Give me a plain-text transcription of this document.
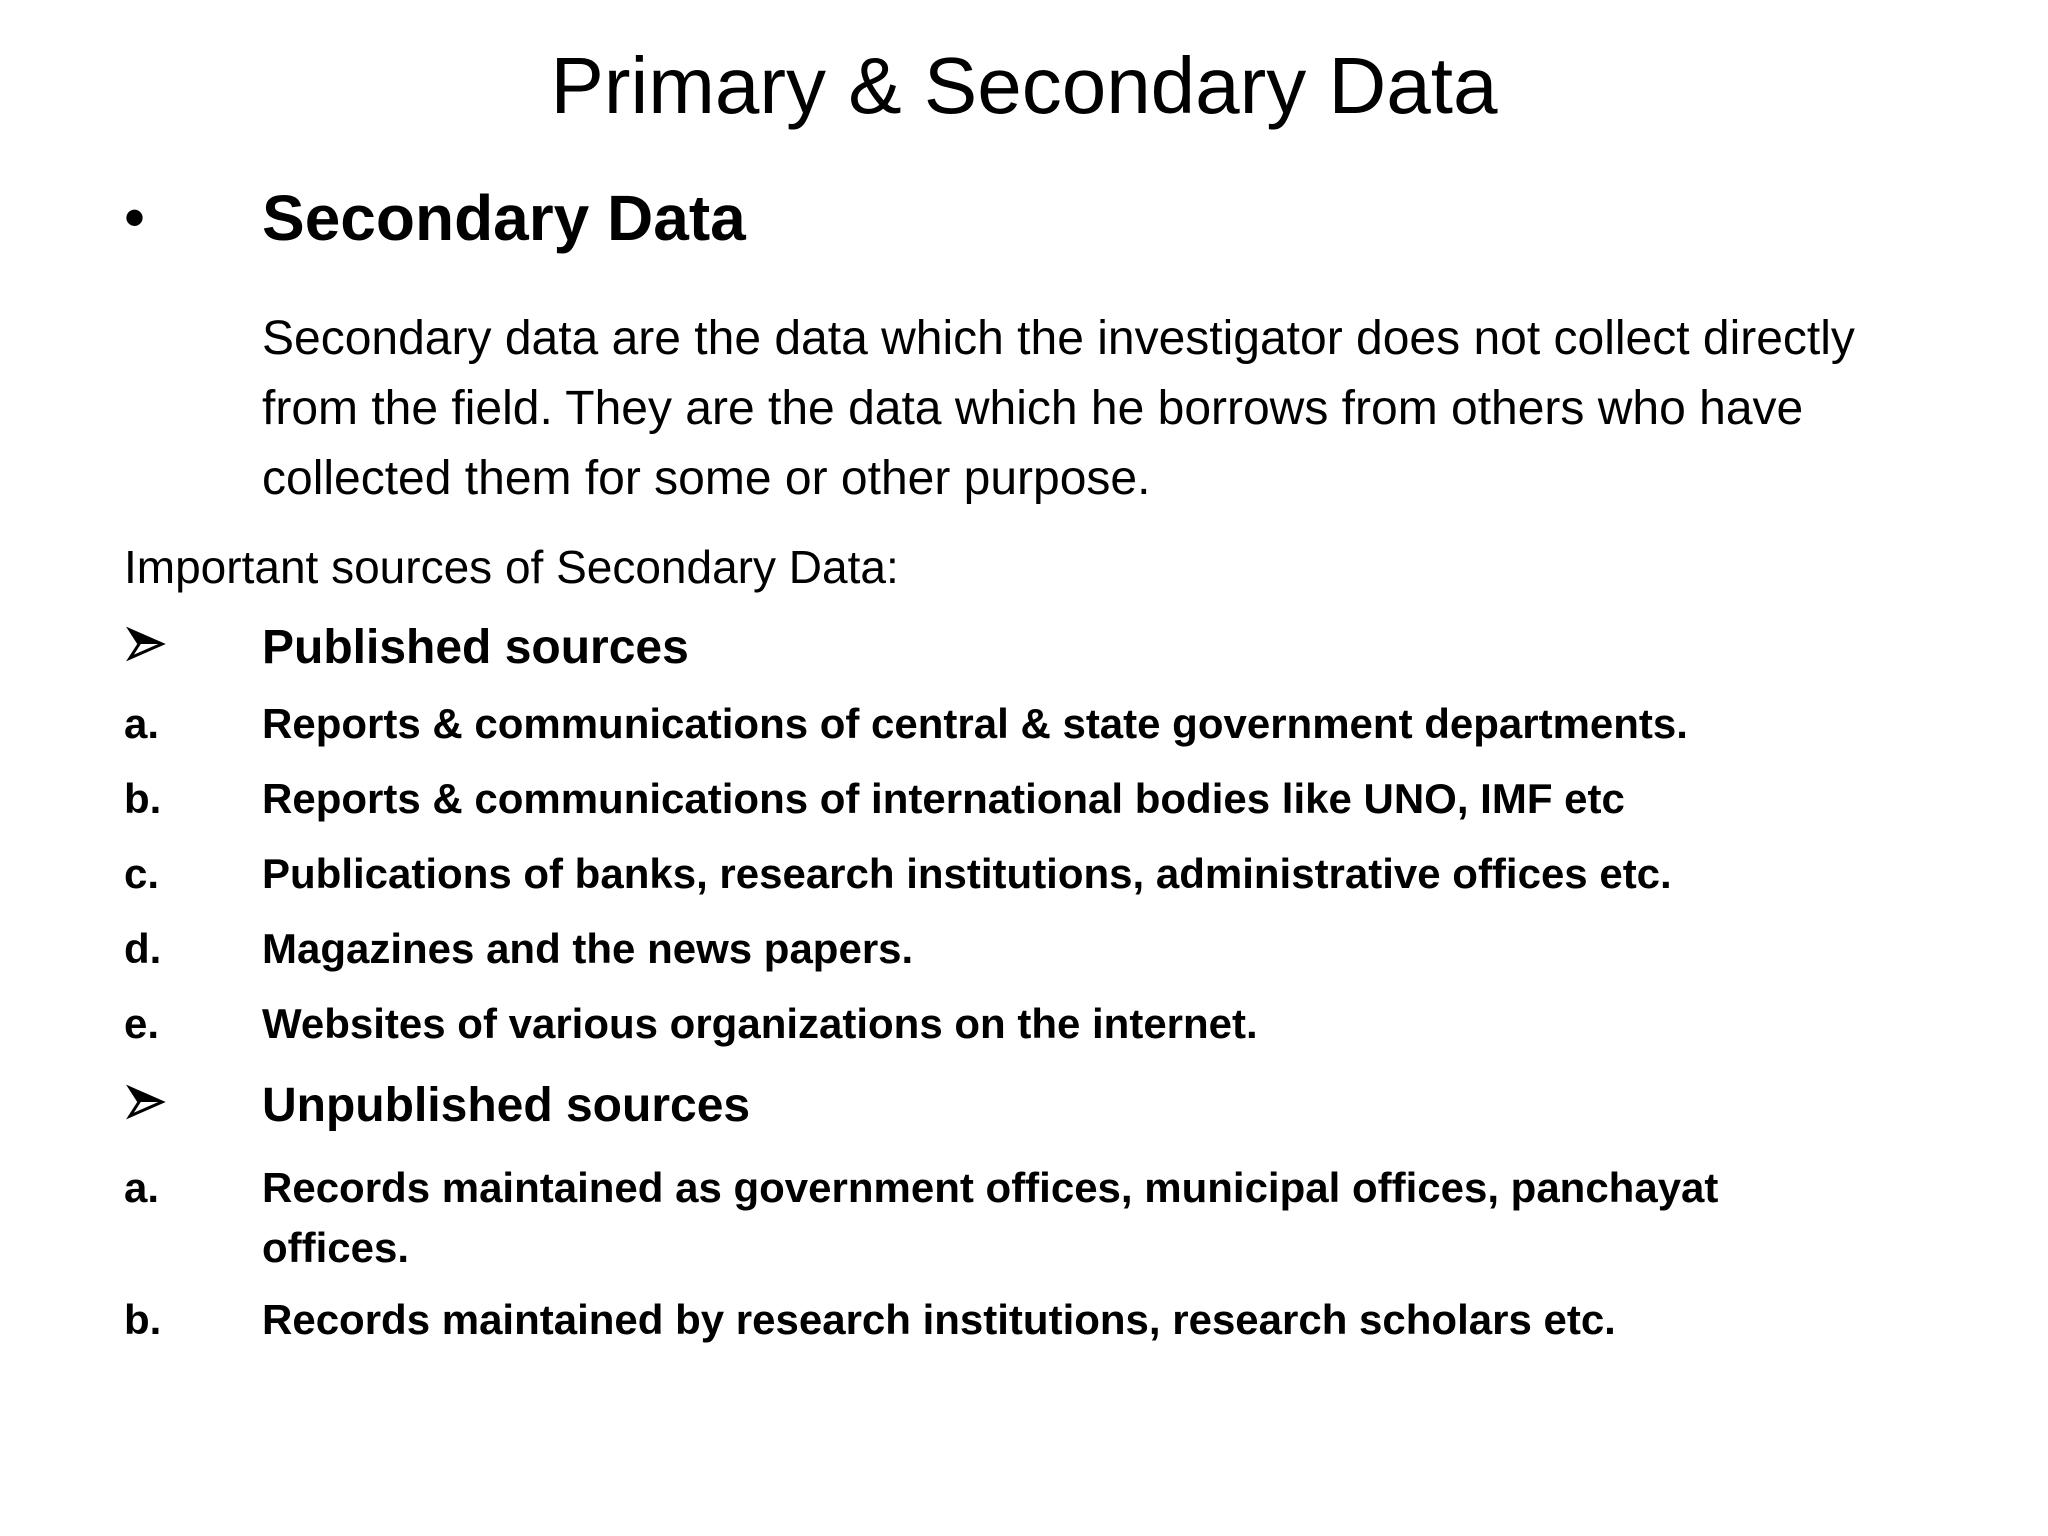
Primary & Secondary Data
• Secondary Data
Secondary data are the data which the investigator does not collect directly from the field. They are the data which he borrows from others who have collected them for some or other purpose.
Important sources of Secondary Data:
Published sources
a. Reports & communications of central & state government departments.
b. Reports & communications of international bodies like UNO, IMF etc
c. Publications of banks, research institutions, administrative offices etc.
d. Magazines and the news papers.
e. Websites of various organizations on the internet.
Unpublished sources
a. Records maintained as government offices, municipal offices, panchayat offices.
b. Records maintained by research institutions, research scholars etc.
